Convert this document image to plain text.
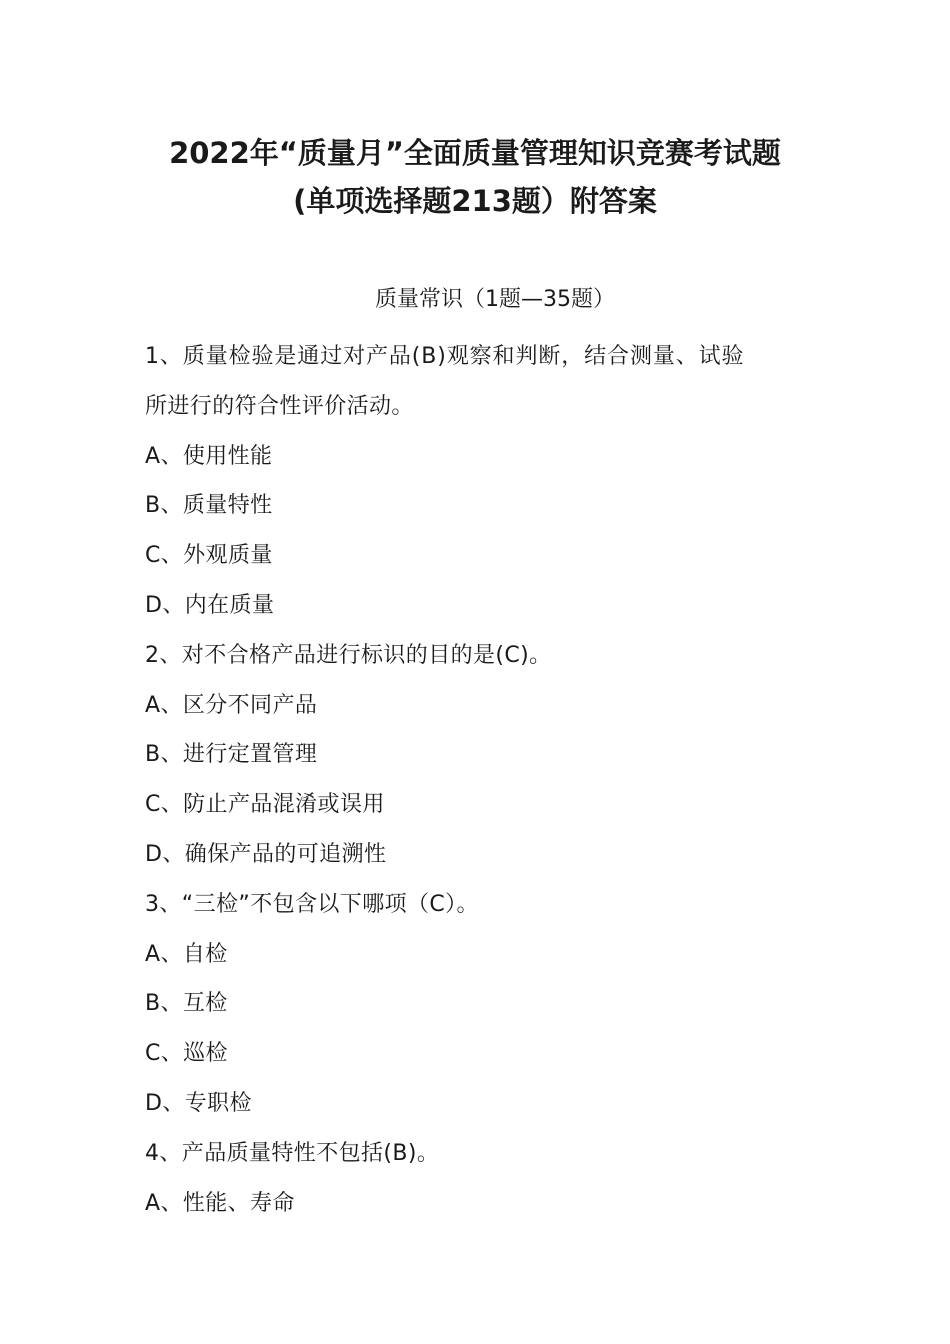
2022年“质量月”全面质量管理知识竞赛考试题
(单项选择题213题）附答案
质量常识（1题—35题）
1、质量检验是通过对产品(B)观察和判断，结合测量、试验
所进行的符合性评价活动。
A、使用性能
B、质量特性
C、外观质量
D、内在质量
2、对不合格产品进行标识的目的是(C)。
A、区分不同产品
B、进行定置管理
C、防止产品混淆或误用
D、确保产品的可追溯性
3、“三检”不包含以下哪项（C）。
A、自检
B、互检
C、巡检
D、专职检
4、产品质量特性不包括(B)。
A、性能、寿命
